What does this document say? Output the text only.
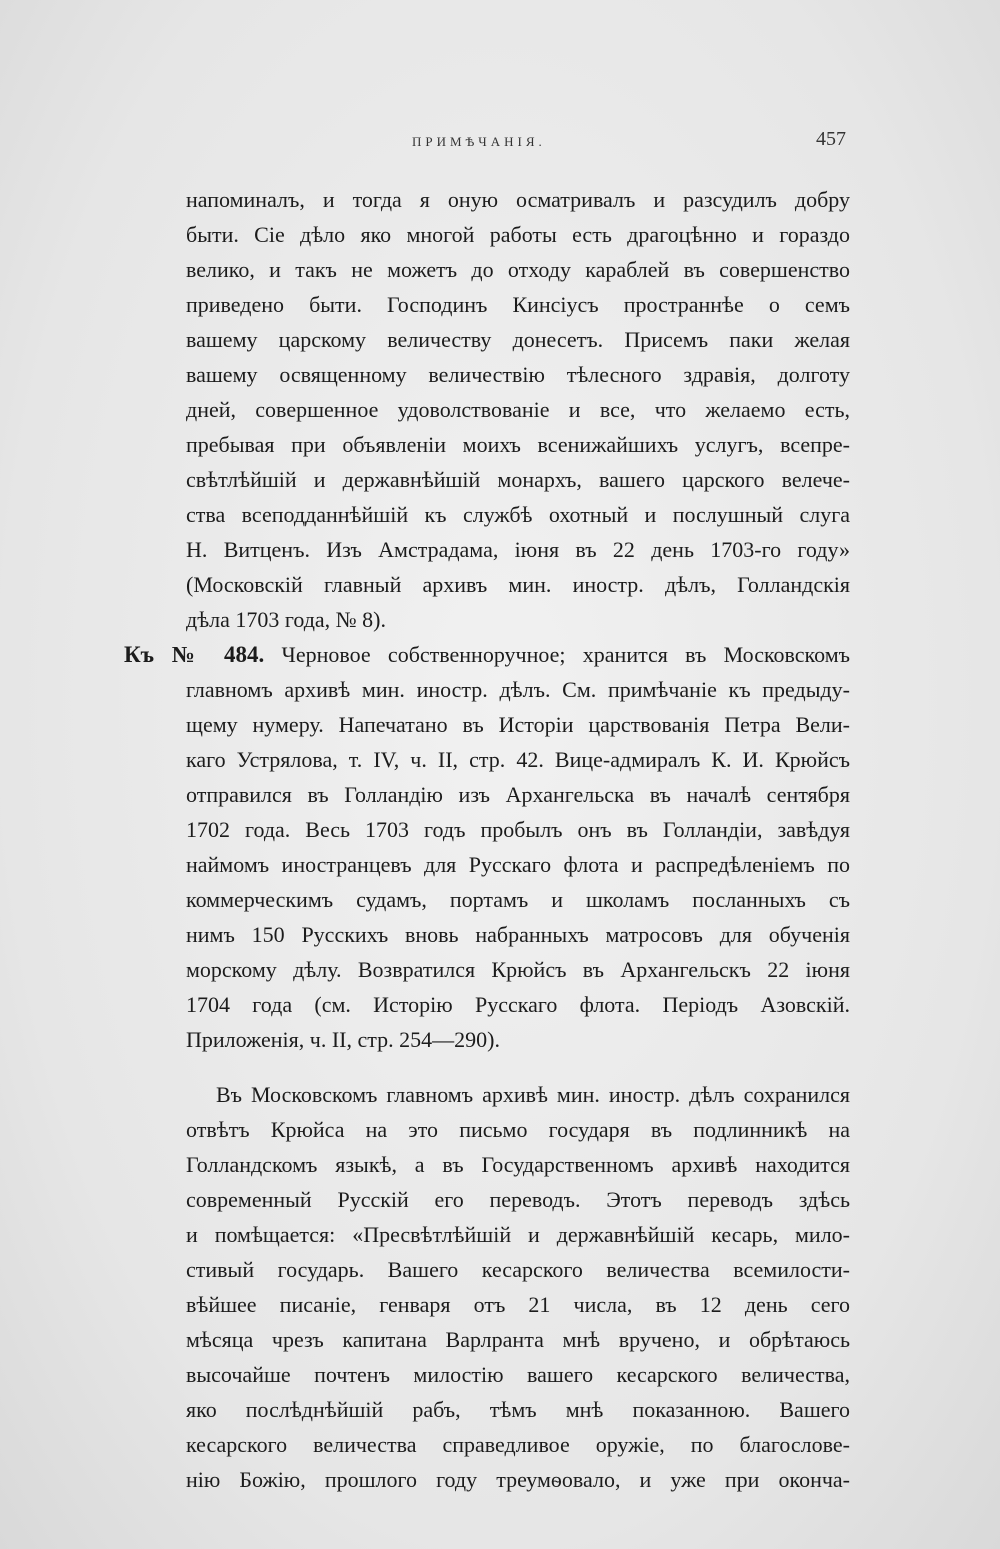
ПРИМѢЧАНІЯ.	457
напоминалъ, и тогда я оную осматривалъ и разсудилъ добру
быти. Сіе дѣло яко многой работы есть драгоцѣнно и гораздо
велико, и такъ не можетъ до отходу караблей въ совершенство
приведено быти. Господинъ Кинсіусъ пространнѣе о семъ
вашему царскому величеству донесетъ. Присемъ паки желая
вашему освященному величествію тѣлесного здравія, долготу
дней, совершенное удоволствованіе и все, что желаемо есть,
пребывая при объявленіи моихъ всенижайшихъ услугъ, всепре-
свѣтлѣйшій и державнѣйшій монархъ, вашего царского велече-
ства всеподданнѣйшій къ службѣ охотный и послушный слуга
Н. Витценъ. Изъ Амстрадама, іюня въ 22 день 1703-го году»
(Московскій главный архивъ мин. иностр. дѣлъ, Голландскія
дѣла 1703 года, № 8).
Къ № 484. Черновое собственноручное; хранится въ Московскомъ
главномъ архивѣ мин. иностр. дѣлъ. См. примѣчаніе къ предыду-
щему нумеру. Напечатано въ Исторіи царствованія Петра Вели-
каго Устрялова, т. IV, ч. II, стр. 42. Вице-адмиралъ К. И. Крюйсъ
отправился въ Голландію изъ Архангельска въ началѣ сентября
1702 года. Весь 1703 годъ пробылъ онъ въ Голландіи, завѣдуя
наймомъ иностранцевъ для Русскаго флота и распредѣленіемъ по
коммерческимъ судамъ, портамъ и школамъ посланныхъ съ
нимъ 150 Русскихъ вновь набранныхъ матросовъ для обученія
морскому дѣлу. Возвратился Крюйсъ въ Архангельскъ 22 іюня
1704 года (см. Исторію Русскаго флота. Періодъ Азовскій.
Приложенія, ч. II, стр. 254—290).
Въ Московскомъ главномъ архивѣ мин. иностр. дѣлъ сохранился
отвѣтъ Крюйса на это письмо государя въ подлинникѣ на
Голландскомъ языкѣ, а въ Государственномъ архивѣ находится
современный Русскій его переводъ. Этотъ переводъ здѣсь
и помѣщается: «Пресвѣтлѣйшій и державнѣйшій кесарь, мило-
стивый государь. Вашего кесарского величества всемилости-
вѣйшее писаніе, генваря отъ 21 числа, въ 12 день сего
мѣсяца чрезъ капитана Варлранта мнѣ вручено, и обрѣтаюсь
высочайше почтенъ милостію вашего кесарского величества,
яко послѣднѣйшій рабъ, тѣмъ мнѣ показанною. Вашего
кесарского величества справедливое оружіе, по благослове-
нію Божію, прошлого году треумѳовало, и уже при оконча-
